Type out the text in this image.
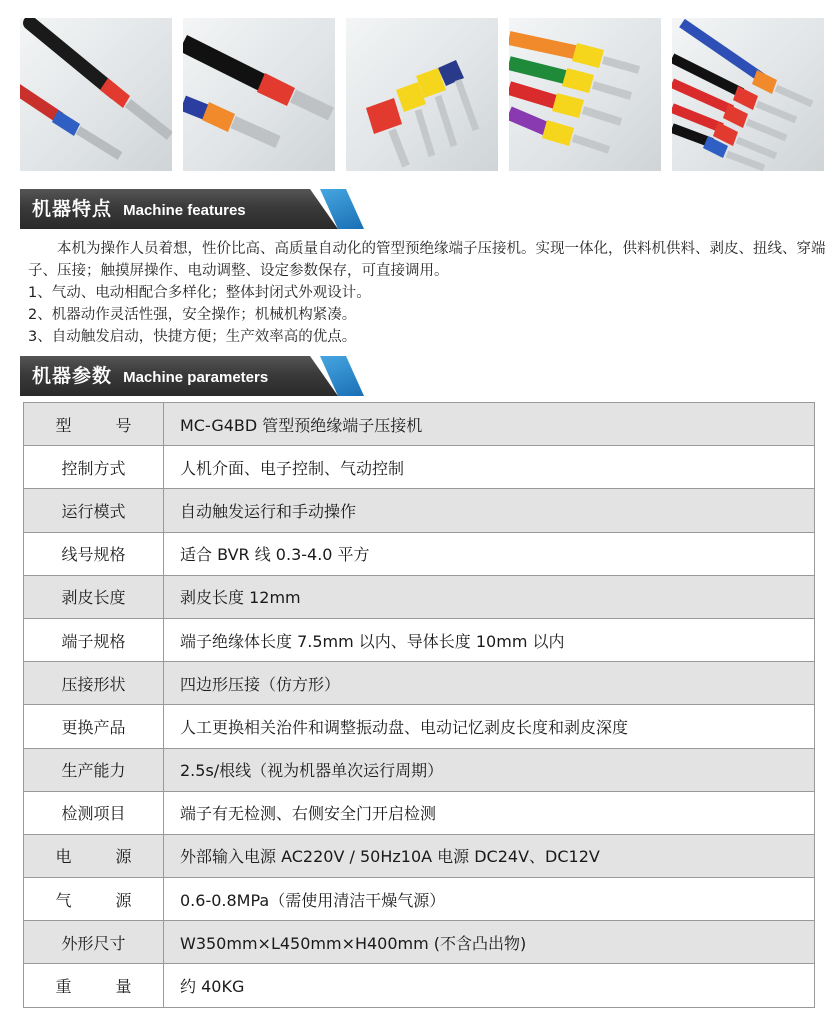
机器特点 Machine features

本机为操作人员着想，性价比高、高质量自动化的管型预绝缘端子压接机。实现一体化，供料机供料、剥皮、扭线、穿端子、压接；触摸屏操作、电动调整、设定参数保存，可直接调用。

1、气动、电动相配合多样化；整体封闭式外观设计。

2、机器动作灵活性强，安全操作；机械机构紧凑。

3、自动触发启动，快捷方便；生产效率高的优点。

机器参数 Machine parameters
型号	MC-G4BD 管型预绝缘端子压接机
控制方式	人机介面、电子控制、气动控制
运行模式	自动触发运行和手动操作
线号规格	适合 BVR 线 0.3-4.0 平方
剥皮长度	剥皮长度 12mm
端子规格	端子绝缘体长度 7.5mm 以内、导体长度 10mm 以内
压接形状	四边形压接（仿方形）
更换产品	人工更换相关治件和调整振动盘、电动记忆剥皮长度和剥皮深度
生产能力	2.5s/根线（视为机器单次运行周期）
检测项目	端子有无检测、右侧安全门开启检测
电源	外部输入电源 AC220V / 50Hz10A 电源 DC24V、DC12V
气源	0.6-0.8MPa（需使用清洁干燥气源）
外形尺寸	W350mm×L450mm×H400mm (不含凸出物)
重量	约 40KG
